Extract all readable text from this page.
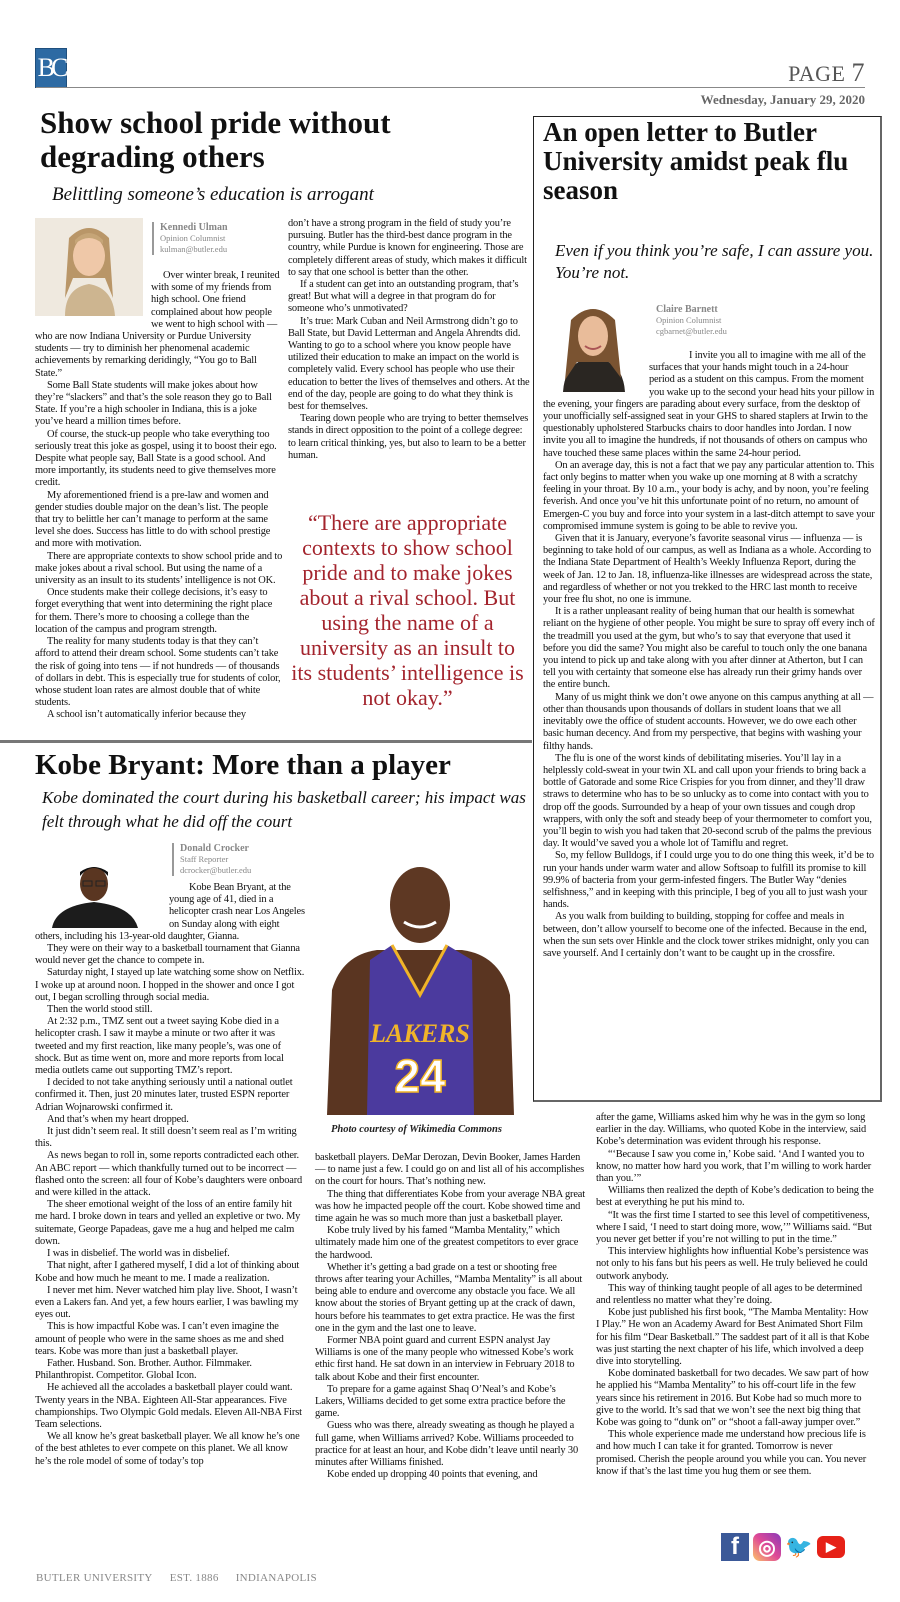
BC	PAGE 7
Wednesday, January 29, 2020
Show school pride without degrading others
Belittling someone’s education is arrogant
Kennedi Ulman
Opinion Columnist
kulman@butler.edu

Over winter break, I reunited with some of my friends from high school. One friend complained about how people we went to high school with — who are now Indiana University or Purdue University students — try to diminish her phenomenal academic achievements by remarking deridingly, “You go to Ball State.”

Some Ball State students will make jokes about how they’re “slackers” and that’s the sole reason they go to Ball State. If you’re a high schooler in Indiana, this is a joke you’ve heard a million times before.

Of course, the stuck-up people who take everything too seriously treat this joke as gospel, using it to boost their ego. Despite what people say, Ball State is a good school. And more importantly, its students need to give themselves more credit.

My aforementioned friend is a pre-law and women and gender studies double major on the dean’s list. The people that try to belittle her can’t manage to perform at the same level she does. Success has little to do with school prestige and more with motivation.

There are appropriate contexts to show school pride and to make jokes about a rival school. But using the name of a university as an insult to its students’ intelligence is not OK.

Once students make their college decisions, it’s easy to forget everything that went into determining the right place for them. There’s more to choosing a college than the location of the campus and program strength.

The reality for many students today is that they can’t afford to attend their dream school. Some students can’t take the risk of going into tens — if not hundreds — of thousands of dollars in debt. This is especially true for students of color, whose student loan rates are almost double that of white students.

A school isn’t automatically inferior because they

don’t have a strong program in the field of study you’re pursuing. Butler has the third-best dance program in the country, while Purdue is known for engineering. Those are completely different areas of study, which makes it difficult to say that one school is better than the other.

If a student can get into an outstanding program, that’s great! But what will a degree in that program do for someone who’s unmotivated?

It’s true: Mark Cuban and Neil Armstrong didn’t go to Ball State, but David Letterman and Angela Ahrendts did. Wanting to go to a school where you know people have utilized their education to make an impact on the world is completely valid. Every school has people who use their education to better the lives of themselves and others. At the end of the day, people are going to do what they think is best for themselves.

Tearing down people who are trying to better themselves stands in direct opposition to the point of a college degree: to learn critical thinking, yes, but also to learn to be a better human.

“There are appropriate contexts to show school pride and to make jokes about a rival school. But using the name of a university as an insult to its students’ intelligence is not okay.”
An open letter to Butler University amidst peak flu season
Even if you think you’re safe, I can assure you. You’re not.
Claire Barnett
Opinion Columnist
cgbarnet@butler.edu

I invite you all to imagine with me all of the surfaces that your hands might touch in a 24-hour period as a student on this campus. From the moment you wake up to the second your head hits your pillow in the evening, your fingers are parading about every surface, from the desktop of your unofficially self-assigned seat in your GHS to shared staplers at Irwin to the questionably upholstered Starbucks chairs to door handles into Jordan. I now invite you all to imagine the hundreds, if not thousands of others on campus who have touched these same places within the same 24-hour period.

On an average day, this is not a fact that we pay any particular attention to. This fact only begins to matter when you wake up one morning at 8 with a scratchy feeling in your throat. By 10 a.m., your body is achy, and by noon, you’re feeling feverish. And once you’ve hit this unfortunate point of no return, no amount of Emergen-C you buy and force into your system in a last-ditch attempt to save your compromised immune system is going to be able to revive you.

Given that it is January, everyone’s favorite seasonal virus — influenza — is beginning to take hold of our campus, as well as Indiana as a whole. According to the Indiana State Department of Health’s Weekly Influenza Report, during the week of Jan. 12 to Jan. 18, influenza-like illnesses are widespread across the state, and regardless of whether or not you trekked to the HRC last month to receive your free flu shot, no one is immune.

It is a rather unpleasant reality of being human that our health is somewhat reliant on the hygiene of other people. You might be sure to spray off every inch of the treadmill you used at the gym, but who’s to say that everyone that used it before you did the same? You might also be careful to touch only the one banana you intend to pick up and take along with you after dinner at Atherton, but I can tell you with certainty that someone else has already run their grimy hands over the entire bunch.

Many of us might think we don’t owe anyone on this campus anything at all — other than thousands upon thousands of dollars in student loans that we all inevitably owe the office of student accounts. However, we do owe each other basic human decency. And from my perspective, that begins with washing your filthy hands.

The flu is one of the worst kinds of debilitating miseries. You’ll lay in a helplessly cold-sweat in your twin XL and call upon your friends to bring back a bottle of Gatorade and some Rice Crispies for you from dinner, and they’ll draw straws to determine who has to be so unlucky as to come into contact with you to drop off the goods. Surrounded by a heap of your own tissues and cough drop wrappers, with only the soft and steady beep of your thermometer to comfort you, you’ll begin to wish you had taken that 20-second scrub of the palms the previous day. It would’ve saved you a whole lot of Tamiflu and regret.

So, my fellow Bulldogs, if I could urge you to do one thing this week, it’d be to run your hands under warm water and allow Softsoap to fulfill its promise to kill 99.9% of bacteria from your germ-infested fingers. The Butler Way “denies selfishness,” and in keeping with this principle, I beg of you all to just wash your hands.

As you walk from building to building, stopping for coffee and meals in between, don’t allow yourself to become one of the infected. Because in the end, when the sun sets over Hinkle and the clock tower strikes midnight, only you can save yourself. And I certainly don’t want to be caught up in the crossfire.

Kobe Bryant: More than a player
Kobe dominated the court during his basketball career; his impact was felt through what he did off the court
Donald Crocker
Staff Reporter
dcrocker@butler.edu
LAKERS
24
Photo courtesy of Wikimedia Commons

Kobe Bean Bryant, at the young age of 41, died in a helicopter crash near Los Angeles on Sunday along with eight others, including his 13-year-old daughter, Gianna.

They were on their way to a basketball tournament that Gianna would never get the chance to compete in.

Saturday night, I stayed up late watching some show on Netflix. I woke up at around noon. I hopped in the shower and once I got out, I began scrolling through social media.

Then the world stood still.

At 2:32 p.m., TMZ sent out a tweet saying Kobe died in a helicopter crash. I saw it maybe a minute or two after it was tweeted and my first reaction, like many people’s, was one of shock. But as time went on, more and more reports from local media outlets came out supporting TMZ’s report.

I decided to not take anything seriously until a national outlet confirmed it. Then, just 20 minutes later, trusted ESPN reporter Adrian Wojnarowski confirmed it.

And that’s when my heart dropped.

It just didn’t seem real. It still doesn’t seem real as I’m writing this.

As news began to roll in, some reports contradicted each other. An ABC report — which thankfully turned out to be incorrect — flashed onto the screen: all four of Kobe’s daughters were onboard and were killed in the attack.

The sheer emotional weight of the loss of an entire family hit me hard. I broke down in tears and yelled an expletive or two. My suitemate, George Papadeas, gave me a hug and helped me calm down.

I was in disbelief. The world was in disbelief.

That night, after I gathered myself, I did a lot of thinking about Kobe and how much he meant to me. I made a realization.

I never met him. Never watched him play live. Shoot, I wasn’t even a Lakers fan. And yet, a few hours earlier, I was bawling my eyes out.

This is how impactful Kobe was. I can’t even imagine the amount of people who were in the same shoes as me and shed tears. Kobe was more than just a basketball player.

Father. Husband. Son. Brother. Author. Filmmaker. Philanthropist. Competitor. Global Icon.

He achieved all the accolades a basketball player could want. Twenty years in the NBA. Eighteen All-Star appearances. Five championships. Two Olympic Gold medals. Eleven All-NBA First Team selections.

We all know he’s great basketball player. We all know he’s one of the best athletes to ever compete on this planet. We all know he’s the role model of some of today’s top

basketball players. DeMar Derozan, Devin Booker, James Harden — to name just a few. I could go on and list all of his accomplishes on the court for hours. That’s nothing new.

The thing that differentiates Kobe from your average NBA great was how he impacted people off the court. Kobe showed time and time again he was so much more than just a basketball player.

Kobe truly lived by his famed “Mamba Mentality,” which ultimately made him one of the greatest competitors to ever grace the hardwood.

Whether it’s getting a bad grade on a test or shooting free throws after tearing your Achilles, “Mamba Mentality” is all about being able to endure and overcome any obstacle you face. We all know about the stories of Bryant getting up at the crack of dawn, hours before his teammates to get extra practice. He was the first one in the gym and the last one to leave.

Former NBA point guard and current ESPN analyst Jay Williams is one of the many people who witnessed Kobe’s work ethic first hand. He sat down in an interview in February 2018 to talk about Kobe and their first encounter.

To prepare for a game against Shaq O’Neal’s and Kobe’s Lakers, Williams decided to get some extra practice before the game.

Guess who was there, already sweating as though he played a full game, when Williams arrived? Kobe. Williams proceeded to practice for at least an hour, and Kobe didn’t leave until nearly 30 minutes after Williams finished.

Kobe ended up dropping 40 points that evening, and

after the game, Williams asked him why he was in the gym so long earlier in the day. Williams, who quoted Kobe in the interview, said Kobe’s determination was evident through his response.

“‘Because I saw you come in,’ Kobe said. ‘And I wanted you to know, no matter how hard you work, that I’m willing to work harder than you.’”

Williams then realized the depth of Kobe’s dedication to being the best at everything he put his mind to.

“It was the first time I started to see this level of competitiveness, where I said, ‘I need to start doing more, wow,’” Williams said. “But you never get better if you’re not willing to put in the time.”

This interview highlights how influential Kobe’s persistence was not only to his fans but his peers as well. He truly believed he could outwork anybody.

This way of thinking taught people of all ages to be determined and relentless no matter what they’re doing.

Kobe just published his first book, “The Mamba Mentality: How I Play.” He won an Academy Award for Best Animated Short Film for his film “Dear Basketball.” The saddest part of it all is that Kobe was just starting the next chapter of his life, which involved a deep dive into storytelling.

Kobe dominated basketball for two decades. We saw part of how he applied his “Mamba Mentality” to his off-court life in the few years since his retirement in 2016. But Kobe had so much more to give to the world. It’s sad that we won’t see the next big thing that Kobe was going to “dunk on” or “shoot a fall-away jumper over.”

This whole experience made me understand how precious life is and how much I can take it for granted. Tomorrow is never promised. Cherish the people around you while you can. You never know if that’s the last time you hug them or see them.

BUTLER UNIVERSITY EST. 1886 INDIANAPOLIS
f ◎ 🐦	▶
